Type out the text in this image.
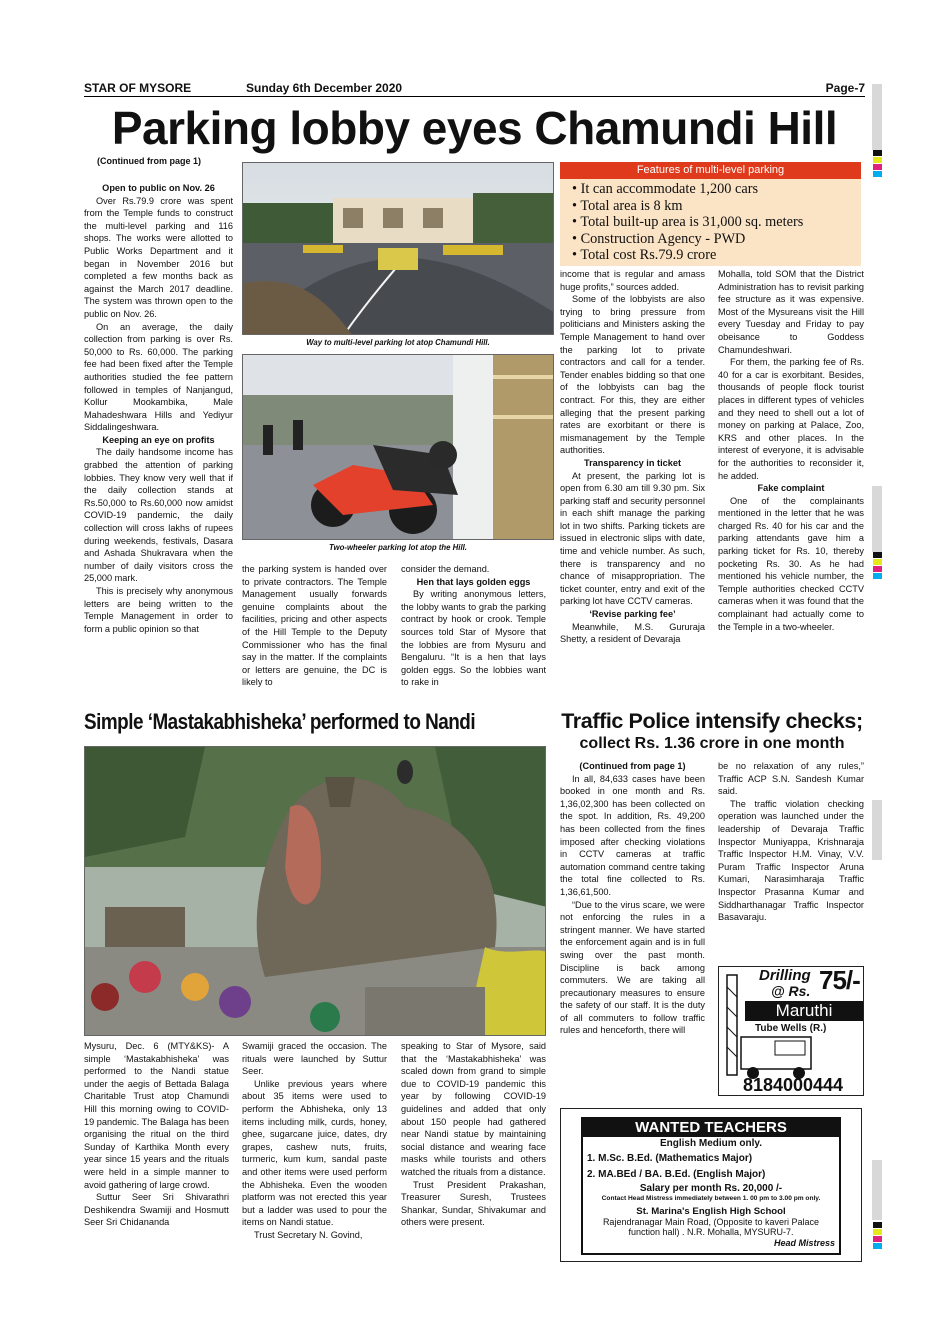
STAR OF MYSORE	Sunday 6th December 2020	Page-7
Parking lobby eyes Chamundi Hill
(Continued from page 1)

Open to public on Nov. 26

Over Rs.79.9 crore was spent from the Temple funds to construct the multi-level parking and 116 shops. The works were allotted to Public Works Department and it began in November 2016 but completed a few months back as against the March 2017 deadline. The system was thrown open to the public on Nov. 26.

On an average, the daily collection from parking is over Rs. 50,000 to Rs. 60,000. The parking fee had been fixed after the Temple authorities studied the fee pattern followed in temples of Nanjangud, Kollur Mookambika, Male Mahadeshwara Hills and Yediyur Siddalingeshwara.

Keeping an eye on profits

The daily handsome income has grabbed the attention of parking lobbies. They know very well that if the daily collection stands at Rs.50,000 to Rs.60,000 now amidst COVID-19 pandemic, the daily collection will cross lakhs of rupees during weekends, festivals, Dasara and Ashada Shukravara when the number of daily visitors cross the 25,000 mark.

This is precisely why anonymous letters are being written to the Temple Management in order to form a public opinion so that

the parking system is handed over to private contractors. The Temple Management usually forwards genuine complaints about the facilities, pricing and other aspects of the Hill Temple to the Deputy Commissioner who has the final say in the matter. If the complaints or letters are genuine, the DC is likely to

consider the demand.

Hen that lays golden eggs

By writing anonymous letters, the lobby wants to grab the parking contract by hook or crook. Temple sources told Star of Mysore that the lobbies are from Mysuru and Bengaluru. “It is a hen that lays golden eggs. So the lobbies want to rake in

income that is regular and amass huge profits,” sources added.

Some of the lobbyists are also trying to bring pressure from politicians and Ministers asking the Temple Management to hand over the parking lot to private contractors and call for a tender. Tender enables bidding so that one of the lobbyists can bag the contract. For this, they are either alleging that the present parking rates are exorbitant or there is mismanagement by the Temple authorities.

Transparency in ticket

At present, the parking lot is open from 6.30 am till 9.30 pm. Six parking staff and security personnel in each shift manage the parking lot in two shifts. Parking tickets are issued in electronic slips with date, time and vehicle number. As such, there is transparency and no chance of misappropriation. The ticket counter, entry and exit of the parking lot have CCTV cameras.

‘Revise parking fee’

Meanwhile, M.S. Gururaja Shetty, a resident of Devaraja

Mohalla, told SOM that the District Administration has to revisit parking fee structure as it was expensive. Most of the Mysureans visit the Hill every Tuesday and Friday to pay obeisance to Goddess Chamundeshwari.

For them, the parking fee of Rs. 40 for a car is exorbitant. Besides, thousands of people flock tourist places in different types of vehicles and they need to shell out a lot of money on parking at Palace, Zoo, KRS and other places. In the interest of everyone, it is advisable for the authorities to reconsider it, he added.

Fake complaint

One of the complainants mentioned in the letter that he was charged Rs. 40 for his car and the parking attendants gave him a parking ticket for Rs. 10, thereby pocketing Rs. 30. As he had mentioned his vehicle number, the Temple authorities checked CCTV cameras when it was found that the complainant had actually come to the Temple in a two-wheeler.

Way to multi-level parking lot atop Chamundi Hill.
Two-wheeler parking lot atop the Hill.
Features of multi-level parking
• It can accommodate 1,200 cars
• Total area is 8 km
• Total built-up area is 31,000 sq. meters
• Construction Agency - PWD
• Total cost Rs.79.9 crore
Simple ‘Mastakabhisheka’ performed to Nandi

Mysuru, Dec. 6 (MTY&KS)- A simple ‘Mastakabhisheka’ was performed to the Nandi statue under the aegis of Bettada Balaga Charitable Trust atop Chamundi Hill this morning owing to COVID-19 pandemic. The Balaga has been organising the ritual on the third Sunday of Karthika Month every year since 15 years and the rituals were held in a simple manner to avoid gathering of large crowd.

Suttur Seer Sri Shivarathri Deshikendra Swamiji and Hosmutt Seer Sri Chidananda

Swamiji graced the occasion. The rituals were launched by Suttur Seer.

Unlike previous years where about 35 items were used to perform the Abhisheka, only 13 items including milk, curds, honey, ghee, sugarcane juice, dates, dry grapes, cashew nuts, fruits, turmeric, kum kum, sandal paste and other items were used perform the Abhisheka. Even the wooden platform was not erected this year but a ladder was used to pour the items on Nandi statue.

Trust Secretary N. Govind,

speaking to Star of Mysore, said that the ‘Mastakabhisheka’ was scaled down from grand to simple due to COVID-19 pandemic this year by following COVID-19 guidelines and added that only about 150 people had gathered near Nandi statue by maintaining social distance and wearing face masks while tourists and others watched the rituals from a distance.

Trust President Prakashan, Treasurer Suresh, Trustees Shankar, Sundar, Shivakumar and others were present.

Traffic Police intensify checks;
collect Rs. 1.36 crore in one month

(Continued from page 1)

In all, 84,633 cases have been booked in one month and Rs. 1,36,02,300 has been collected on the spot. In addition, Rs. 49,200 has been collected from the fines imposed after checking violations in CCTV cameras at traffic automation command centre taking the total fine collected to Rs. 1,36,61,500.

“Due to the virus scare, we were not enforcing the rules in a stringent manner. We have started the enforcement again and is in full swing over the past month. Discipline is back among commuters. We are taking all precautionary measures to ensure the safety of our staff. It is the duty of all commuters to follow traffic rules and henceforth, there will

be no relaxation of any rules,” Traffic ACP S.N. Sandesh Kumar said.

The traffic violation checking operation was launched under the leadership of Devaraja Traffic Inspector Muniyappa, Krishnaraja Traffic Inspector H.M. Vinay, V.V. Puram Traffic Inspector Aruna Kumari, Narasimharaja Traffic Inspector Prasanna Kumar and Siddharthanagar Traffic Inspector Basavaraju.

Drilling
@ Rs. 75/-
Maruthi
Tube Wells (R.)
8184000444
WANTED TEACHERS
English Medium only.
1. M.Sc. B.Ed. (Mathematics Major)
2. MA.BEd / BA. B.Ed. (English Major)
Salary per month Rs. 20,000 /-
Contact Head Mistress immediately between 1. 00 pm to 3.00 pm only.
St. Marina's English High School
Rajendranagar Main Road, (Opposite to kaveri Palace
function hall) . N.R. Mohalla, MYSURU-7.
Head Mistress
